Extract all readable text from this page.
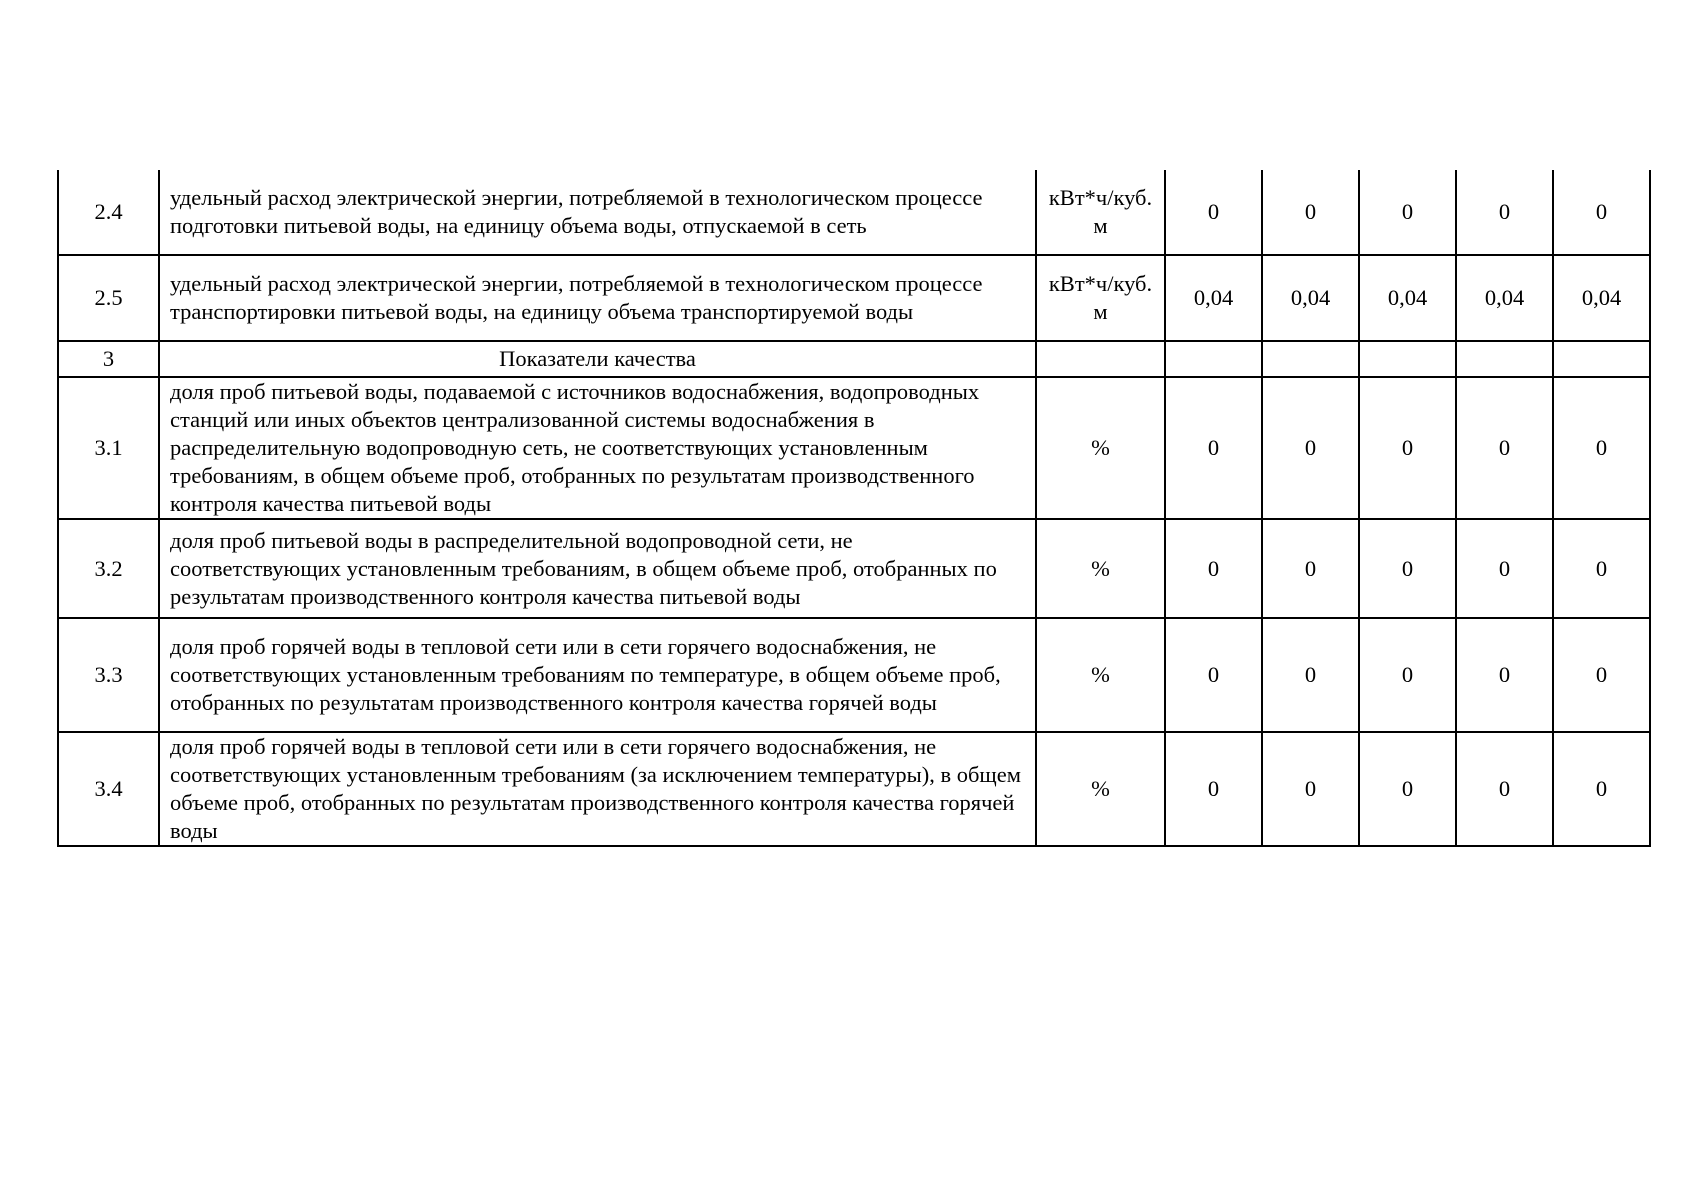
2.4	удельный расход электрической энергии, потребляемой в технологическом процессе подготовки питьевой воды, на единицу объема воды, отпускаемой в сеть	кВт*ч/куб. м	0	0	0	0	0
2.5	удельный расход электрической энергии, потребляемой в технологическом процессе транспортировки питьевой воды, на единицу объема транспортируемой воды	кВт*ч/куб. м	0,04	0,04	0,04	0,04	0,04
3	Показатели качества						
3.1	доля проб питьевой воды, подаваемой с источников водоснабжения, водопроводных станций или иных объектов централизованной системы водоснабжения в распределительную водопроводную сеть, не соответствующих установленным требованиям, в общем объеме проб, отобранных по результатам производственного контроля качества питьевой воды	%	0	0	0	0	0
3.2	доля проб питьевой воды в распределительной водопроводной сети, не соответствующих установленным требованиям, в общем объеме проб, отобранных по результатам производственного контроля качества питьевой воды	%	0	0	0	0	0
3.3	доля проб горячей воды в тепловой сети или в сети горячего водоснабжения, не соответствующих установленным требованиям по температуре, в общем объеме проб, отобранных по результатам производственного контроля качества горячей воды	%	0	0	0	0	0
3.4	доля проб горячей воды в тепловой сети или в сети горячего водоснабжения, не соответствующих установленным требованиям (за исключением температуры), в общем объеме проб, отобранных по результатам производственного контроля качества горячей воды	%	0	0	0	0	0
